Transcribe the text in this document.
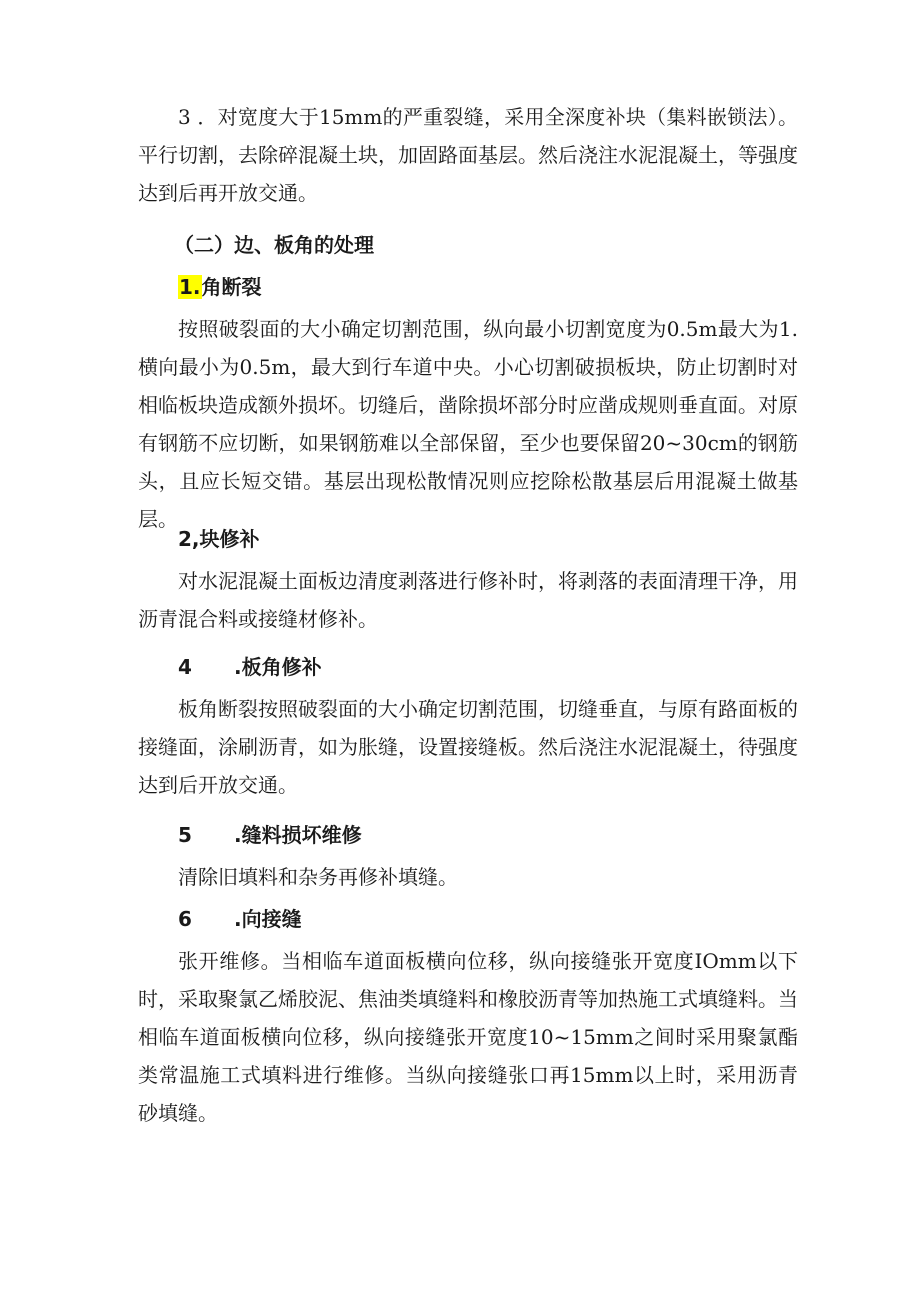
3 ．对宽度大于15mm的严重裂缝，采用全深度补块（集料嵌锁法）。平行切割，去除碎混凝土块，加固路面基层。然后浇注水泥混凝土，等强度达到后再开放交通。

（二）边、板角的处理

1.角断裂

按照破裂面的大小确定切割范围，纵向最小切割宽度为0.5m最大为1.横向最小为0.5m，最大到行车道中央。小心切割破损板块，防止切割时对相临板块造成额外损坏。切缝后，凿除损坏部分时应凿成规则垂直面。对原有钢筋不应切断，如果钢筋难以全部保留，至少也要保留20~30cm的钢筋头，且应长短交错。基层出现松散情况则应挖除松散基层后用混凝土做基层。

2,块修补

对水泥混凝土面板边清度剥落进行修补时，将剥落的表面清理干净，用沥青混合料或接缝材修补。

4 .板角修补

板角断裂按照破裂面的大小确定切割范围，切缝垂直，与原有路面板的接缝面，涂刷沥青，如为胀缝，设置接缝板。然后浇注水泥混凝土，待强度达到后开放交通。

5 .缝料损坏维修

清除旧填料和杂务再修补填缝。

6 .向接缝

张开维修。当相临车道面板横向位移，纵向接缝张开宽度IOmm以下时，采取聚氯乙烯胶泥、焦油类填缝料和橡胶沥青等加热施工式填缝料。当相临车道面板横向位移，纵向接缝张开宽度10~15mm之间时采用聚氯酯类常温施工式填料进行维修。当纵向接缝张口再15mm以上时，采用沥青砂填缝。
